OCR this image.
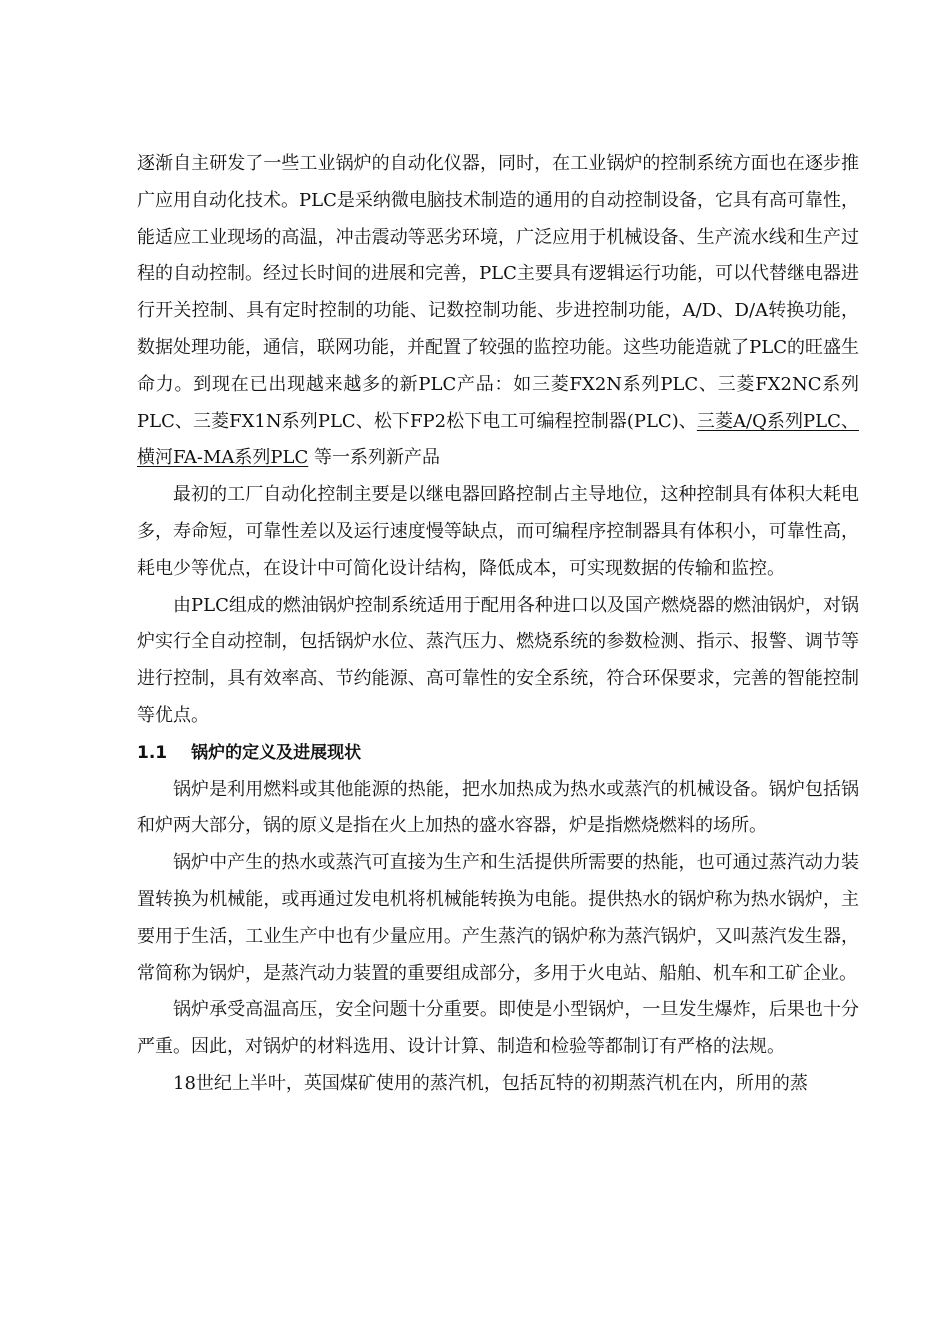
逐渐自主研发了一些工业锅炉的自动化仪器，同时，在工业锅炉的控制系统方面也在逐步推广应用自动化技术。PLC是采纳微电脑技术制造的通用的自动控制设备，它具有高可靠性，能适应工业现场的高温，冲击震动等恶劣环境，广泛应用于机械设备、生产流水线和生产过程的自动控制。经过长时间的进展和完善，PLC主要具有逻辑运行功能，可以代替继电器进行开关控制、具有定时控制的功能、记数控制功能、步进控制功能，A/D、D/A转换功能，数据处理功能，通信，联网功能，并配置了较强的监控功能。这些功能造就了PLC的旺盛生命力。到现在已出现越来越多的新PLC产品：如三菱FX2N系列PLC、三菱FX2NC系列PLC、三菱FX1N系列PLC、松下FP2松下电工可编程控制器(PLC)、三菱A/Q系列PLC、横河FA-MA系列PLC 等一系列新产品

最初的工厂自动化控制主要是以继电器回路控制占主导地位，这种控制具有体积大耗电多，寿命短，可靠性差以及运行速度慢等缺点，而可编程序控制器具有体积小，可靠性高，耗电少等优点，在设计中可简化设计结构，降低成本，可实现数据的传输和监控。

由PLC组成的燃油锅炉控制系统适用于配用各种进口以及国产燃烧器的燃油锅炉，对锅炉实行全自动控制，包括锅炉水位、蒸汽压力、燃烧系统的参数检测、指示、报警、调节等进行控制，具有效率高、节约能源、高可靠性的安全系统，符合环保要求，完善的智能控制等优点。

1.1 锅炉的定义及进展现状

锅炉是利用燃料或其他能源的热能，把水加热成为热水或蒸汽的机械设备。锅炉包括锅和炉两大部分，锅的原义是指在火上加热的盛水容器，炉是指燃烧燃料的场所。

锅炉中产生的热水或蒸汽可直接为生产和生活提供所需要的热能，也可通过蒸汽动力装置转换为机械能，或再通过发电机将机械能转换为电能。提供热水的锅炉称为热水锅炉，主要用于生活，工业生产中也有少量应用。产生蒸汽的锅炉称为蒸汽锅炉，又叫蒸汽发生器，常简称为锅炉，是蒸汽动力装置的重要组成部分，多用于火电站、船舶、机车和工矿企业。

锅炉承受高温高压，安全问题十分重要。即使是小型锅炉，一旦发生爆炸，后果也十分严重。因此，对锅炉的材料选用、设计计算、制造和检验等都制订有严格的法规。

18世纪上半叶，英国煤矿使用的蒸汽机，包括瓦特的初期蒸汽机在内，所用的蒸
